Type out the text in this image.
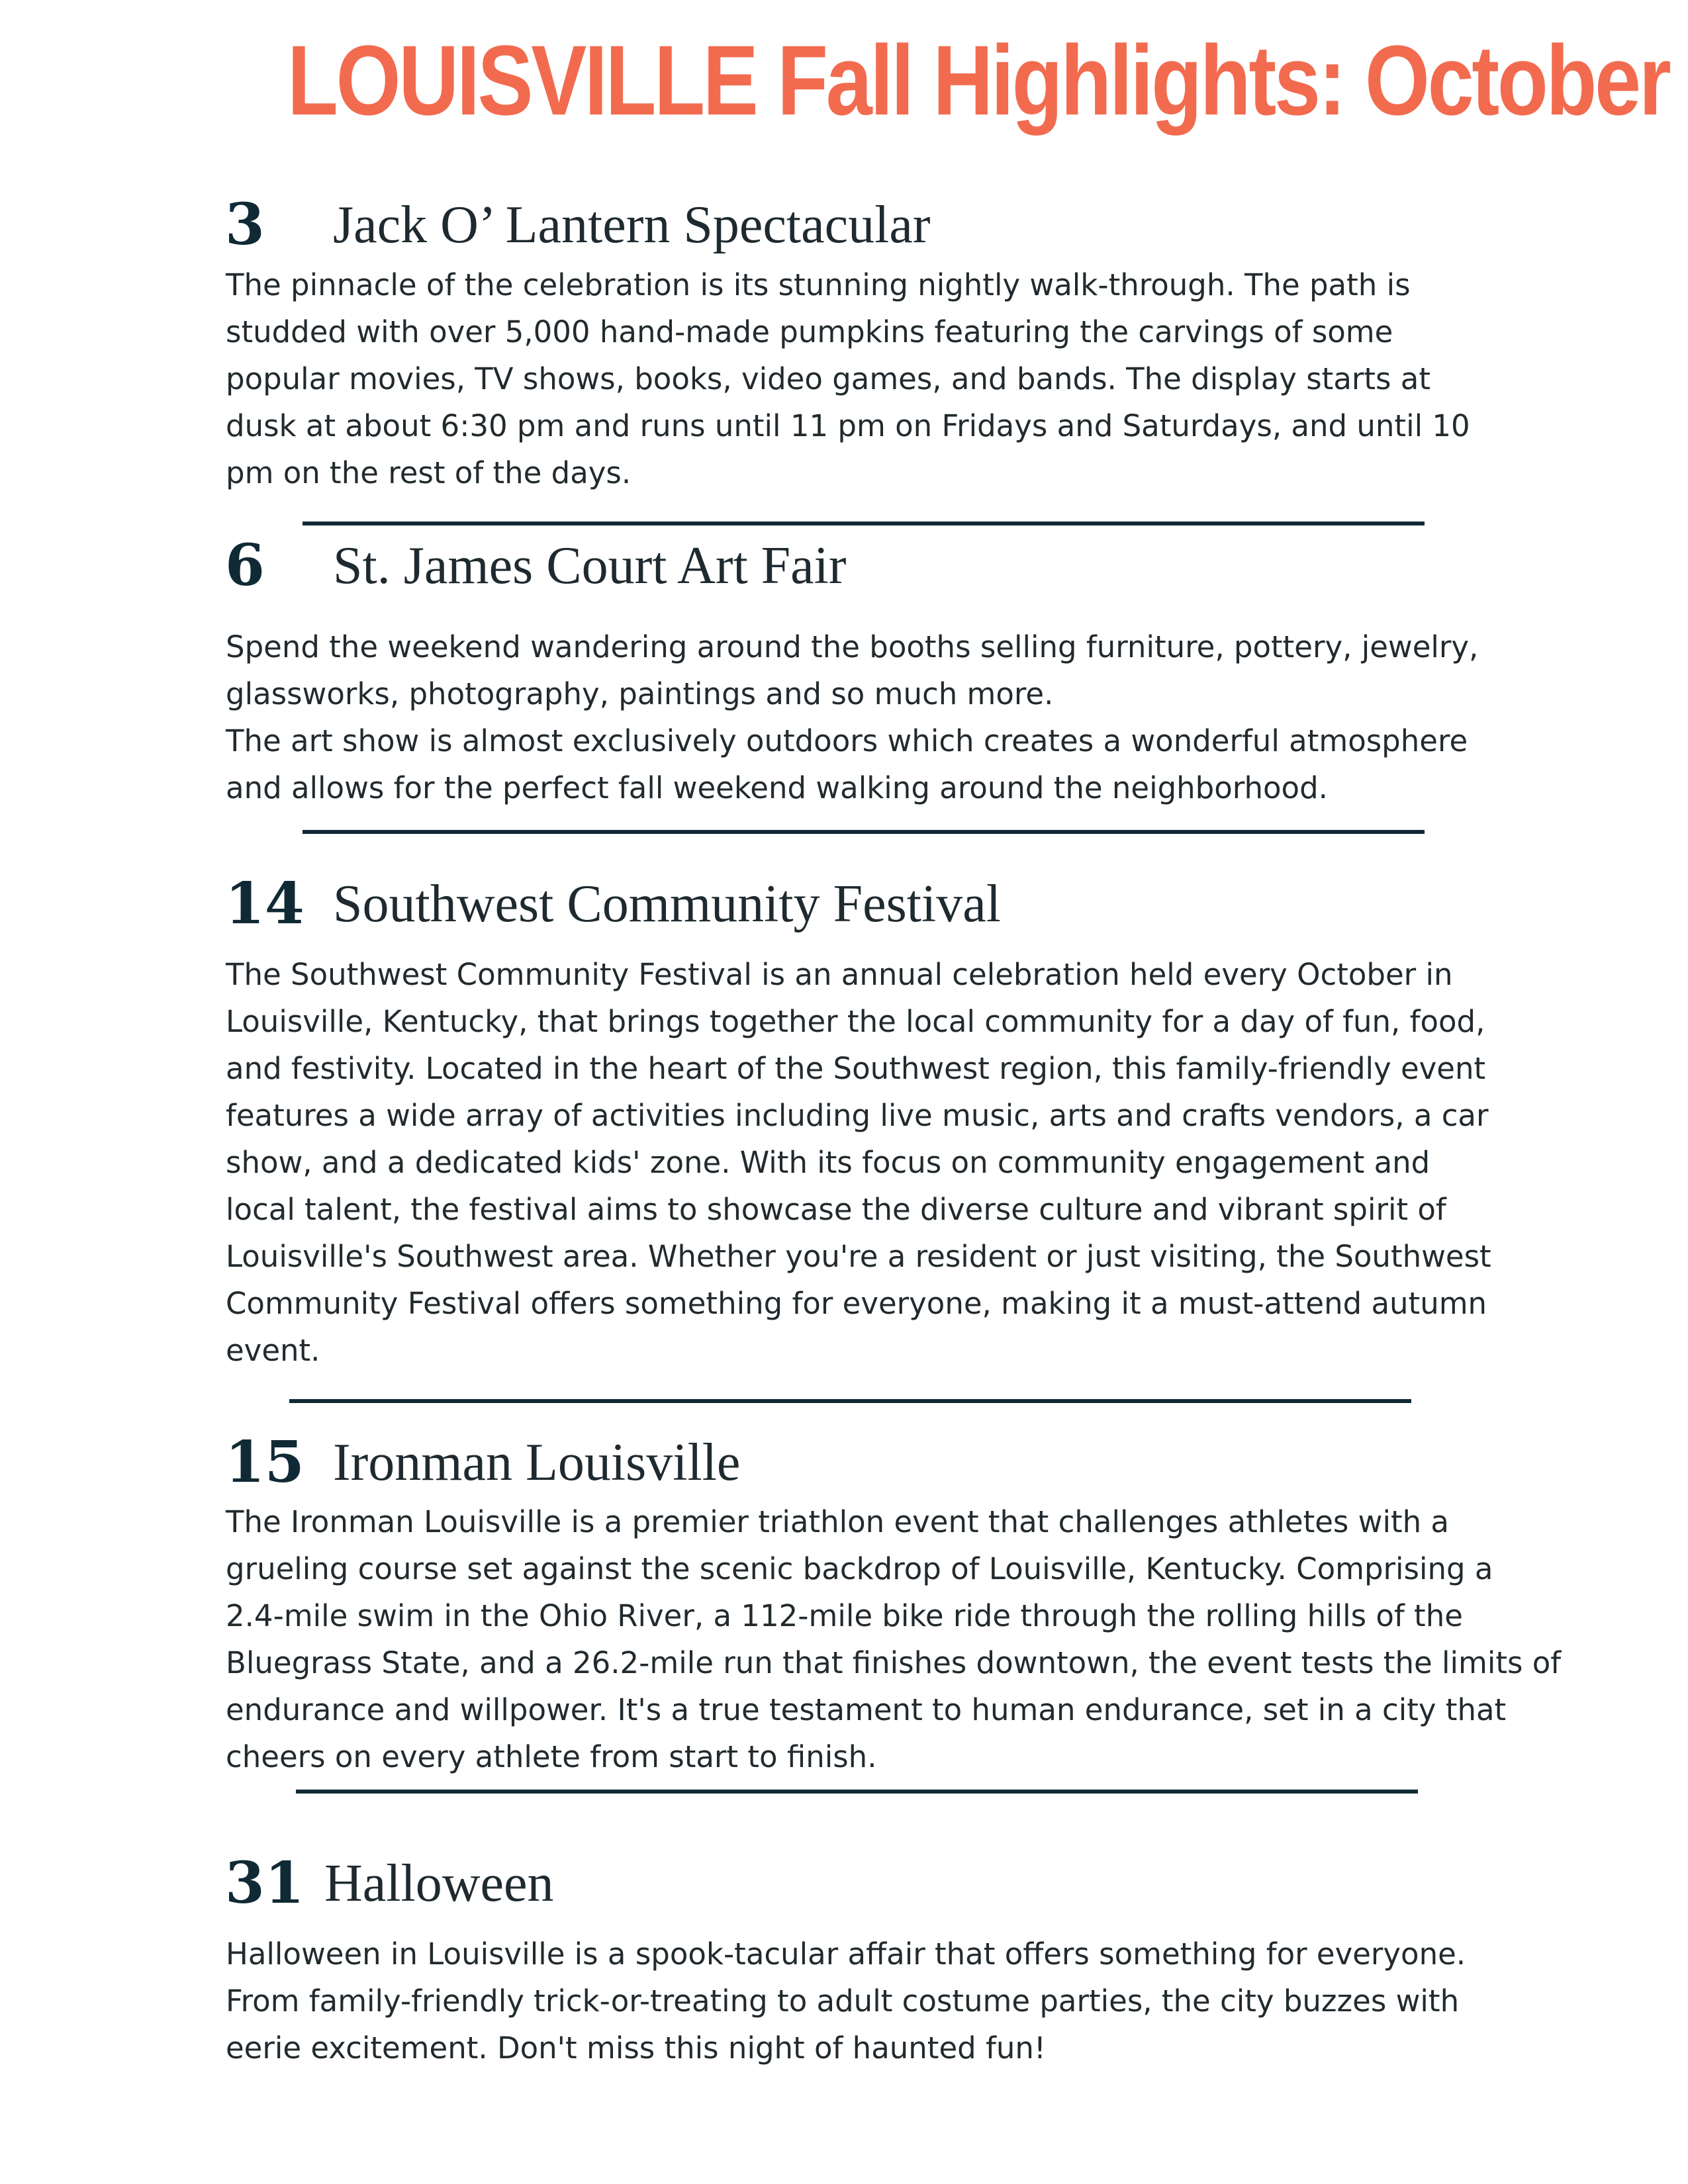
LOUISVILLE Fall Highlights: October
3 Jack O’ Lantern Spectacular

The pinnacle of the celebration is its stunning nightly walk-through. The path is
studded with over 5,000 hand-made pumpkins featuring the carvings of some
popular movies, TV shows, books, video games, and bands. The display starts at
dusk at about 6:30 pm and runs until 11 pm on Fridays and Saturdays, and until 10
pm on the rest of the days.

6 St. James Court Art Fair

Spend the weekend wandering around the booths selling furniture, pottery, jewelry,
glassworks, photography, paintings and so much more.
The art show is almost exclusively outdoors which creates a wonderful atmosphere
and allows for the perfect fall weekend walking around the neighborhood.

14 Southwest Community Festival

The Southwest Community Festival is an annual celebration held every October in
Louisville, Kentucky, that brings together the local community for a day of fun, food,
and festivity. Located in the heart of the Southwest region, this family-friendly event
features a wide array of activities including live music, arts and crafts vendors, a car
show, and a dedicated kids' zone. With its focus on community engagement and
local talent, the festival aims to showcase the diverse culture and vibrant spirit of
Louisville's Southwest area. Whether you're a resident or just visiting, the Southwest
Community Festival offers something for everyone, making it a must-attend autumn
event.

15 Ironman Louisville

The Ironman Louisville is a premier triathlon event that challenges athletes with a
grueling course set against the scenic backdrop of Louisville, Kentucky. Comprising a
2.4-mile swim in the Ohio River, a 112-mile bike ride through the rolling hills of the
Bluegrass State, and a 26.2-mile run that finishes downtown, the event tests the limits of
endurance and willpower. It's a true testament to human endurance, set in a city that
cheers on every athlete from start to finish.

31 Halloween

Halloween in Louisville is a spook-tacular affair that offers something for everyone.
From family-friendly trick-or-treating to adult costume parties, the city buzzes with
eerie excitement. Don't miss this night of haunted fun!
